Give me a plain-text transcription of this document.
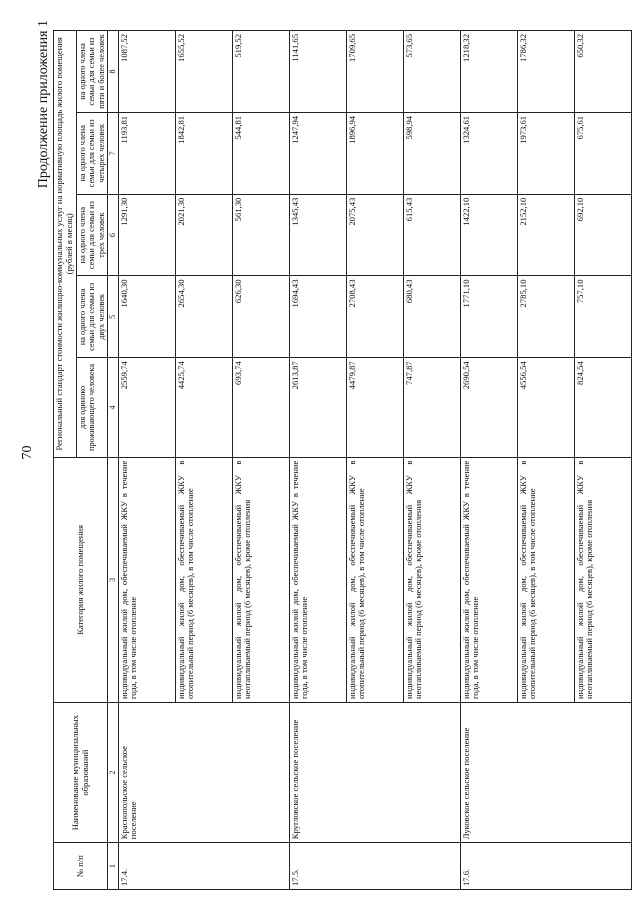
70
Продолжение приложения 1
№ п/п	Наименование муниципальных образований	Категория жилого помещения	Региональный стандарт стоимости жилищно-коммунальных услуг на нормативную площадь жилого помещения (рублей в месяц)				
			для одиноко проживающего человека	на одного члена семьи для семьи из двух человек	на одного члена семьи для семьи из трех человек	на одного члена семьи для семьи из четырех человек	на одного члена семьи для семьи из пяти и более человек
1	2	3	4	5	6	7	8
17.4.	Краснопольское сельское поселение	индивидуальный жилой дом, обеспечиваемый ЖКУ в течение года, в том числе отопление	2559,74	1640,30	1291,30	1193,81	1087,52
		индивидуальный жилой дом, обеспечиваемый ЖКУ в отопительный период (6 месяцев), в том числе отопление	4425,74	2654,30	2021,30	1842,81	1655,52
		индивидуальный жилой дом, обеспечиваемый ЖКУ в неотапливаемый период (6 месяцев), кроме отопления	693,74	626,30	561,30	544,81	519,52
17.5.	Кругловское сельское поселение	индивидуальный жилой дом, обеспечиваемый ЖКУ в течение года, в том числе отопление	2613,87	1694,43	1345,43	1247,94	1141,65
		индивидуальный жилой дом, обеспечиваемый ЖКУ в отопительный период (6 месяцев), в том числе отопление	4479,87	2708,43	2075,43	1896,94	1709,65
		индивидуальный жилой дом, обеспечиваемый ЖКУ в неотапливаемый период (6 месяцев), кроме отопления	747,87	680,43	615,43	598,94	573,65
17.6.	Луковское сельское поселение	индивидуальный жилой дом, обеспечиваемый ЖКУ в течение года, в том числе отопление	2690,54	1771,10	1422,10	1324,61	1218,32
		индивидуальный жилой дом, обеспечиваемый ЖКУ в отопительный период (6 месяцев), в том числе отопление	4556,54	2785,10	2152,10	1973,61	1786,32
		индивидуальный жилой дом, обеспечиваемый ЖКУ в неотапливаемый период (6 месяцев), кроме отопления	824,54	757,10	692,10	675,61	650,32
